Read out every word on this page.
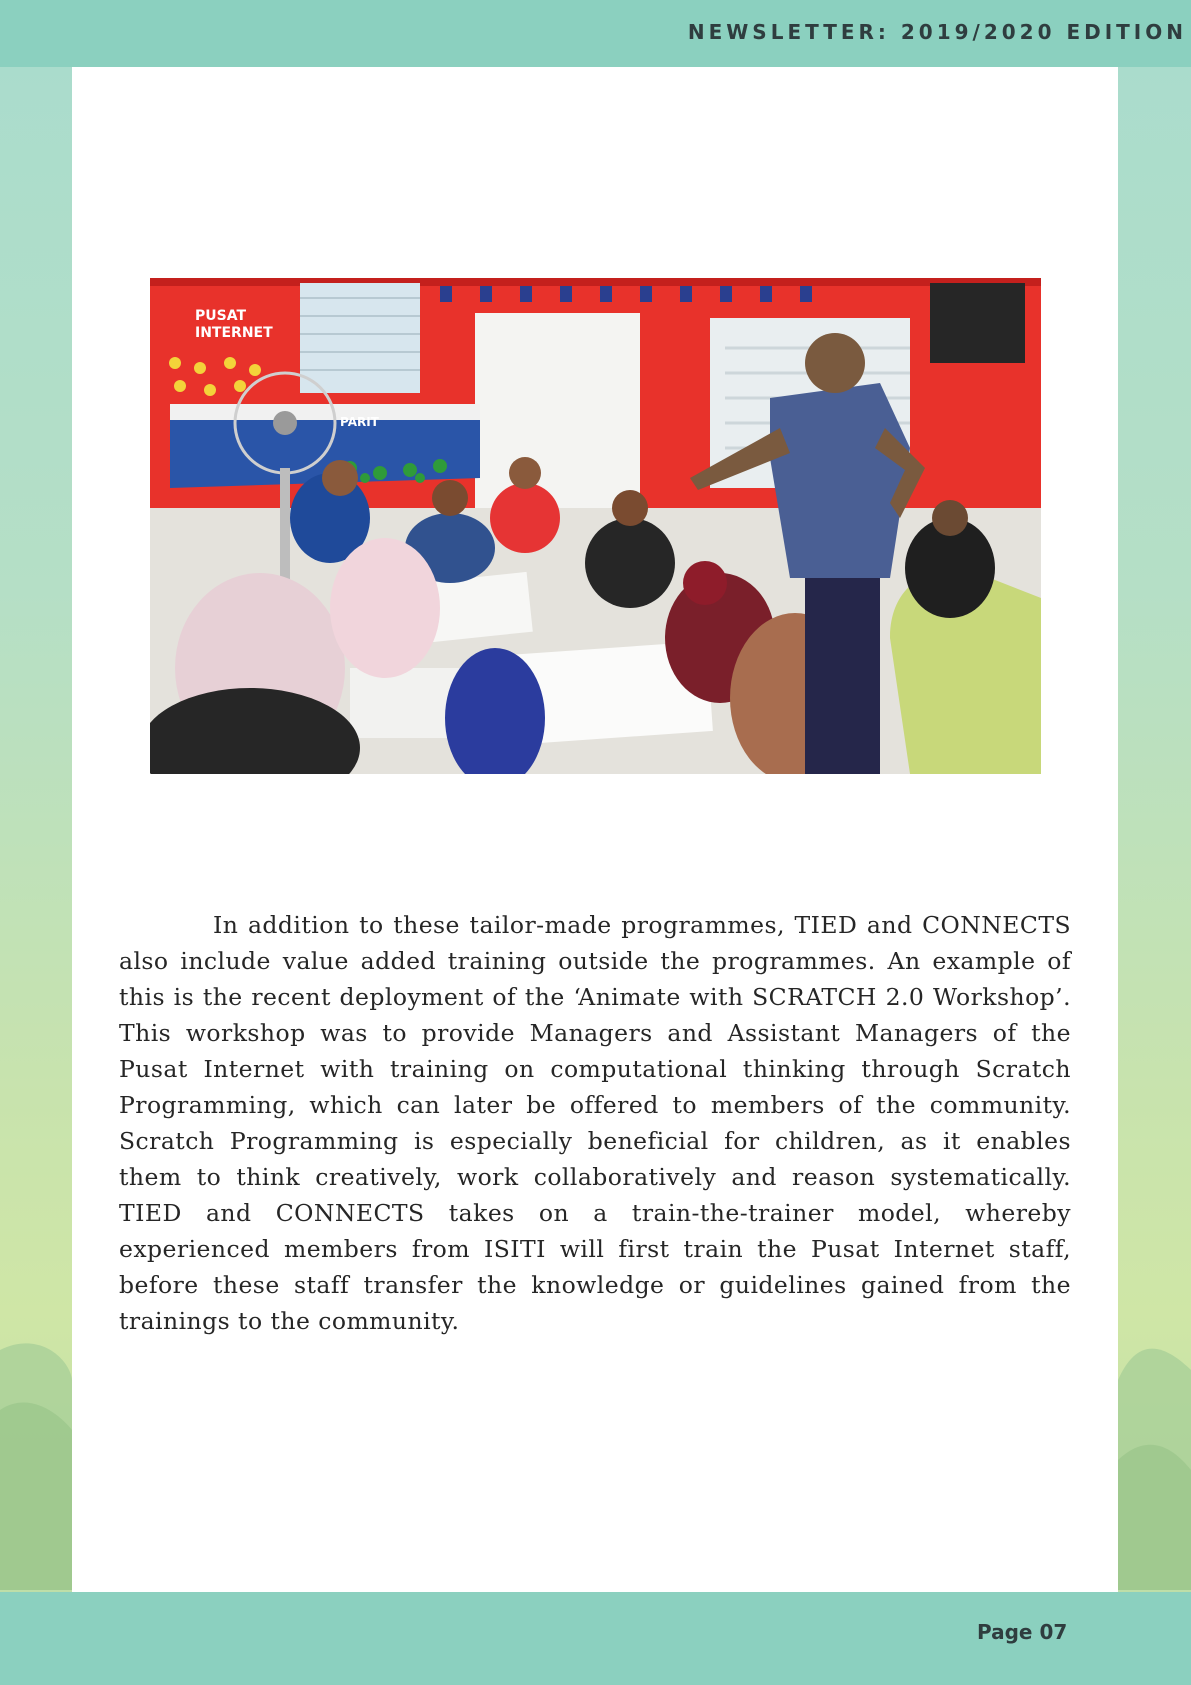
NEWSLETTER: 2019/2020 EDITION
PUSAT
INTERNET
PARIT

In addition to these tailor-made programmes, TIED and CONNECTS also include value added training outside the programmes. An example of this is the recent deployment of the ‘Animate with SCRATCH 2.0 Workshop’. This workshop was to provide Managers and Assistant Managers of the Pusat Internet with training on computational thinking through Scratch Programming, which can later be offered to members of the community. Scratch Programming is especially beneficial for children, as it enables them to think creatively, work collaboratively and reason systematically. TIED and CONNECTS takes on a train-the-trainer model, whereby experienced members from ISITI will first train the Pusat Internet staff, before these staff transfer the knowledge or guidelines gained from the trainings to the community.

Page 07
